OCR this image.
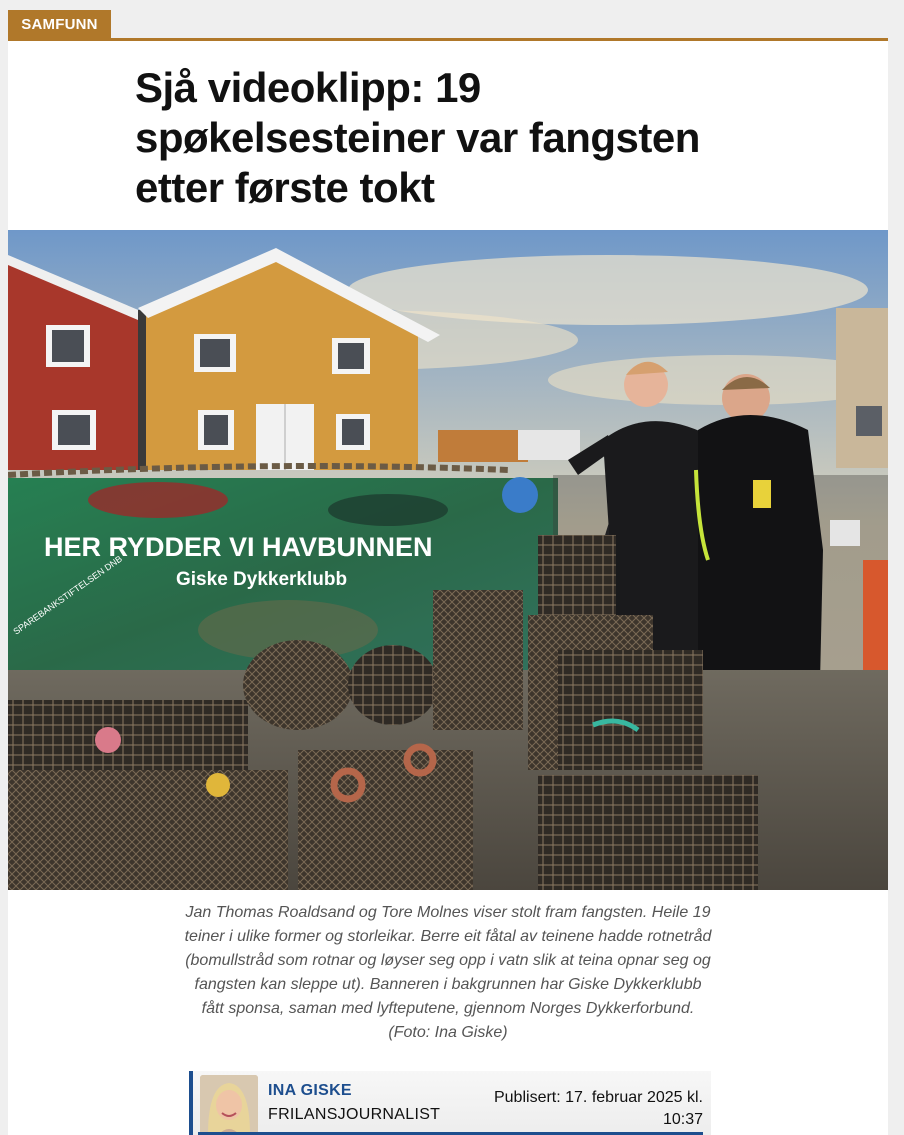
SAMFUNN
Sjå videoklipp: 19 spøkelsesteiner var fangsten etter første tokt
HER RYDDER VI HAVBUNNEN
Giske Dykkerklubb
SPAREBANKSTIFTELSEN DNB

Jan Thomas Roaldsand og Tore Molnes viser stolt fram fangsten. Heile 19 teiner i ulike former og storleikar. Berre eit fåtal av teinene hadde rotnetråd (bomullstråd som rotnar og løyser seg opp i vatn slik at teina opnar seg og fangsten kan sleppe ut). Banneren i bakgrunnen har Giske Dykkerklubb fått sponsa, saman med lyfteputene, gjennom Norges Dykkerforbund. (Foto: Ina Giske)

INA GISKE
FRILANSJOURNALIST
Publisert: 17. februar 2025 kl. 10:37
